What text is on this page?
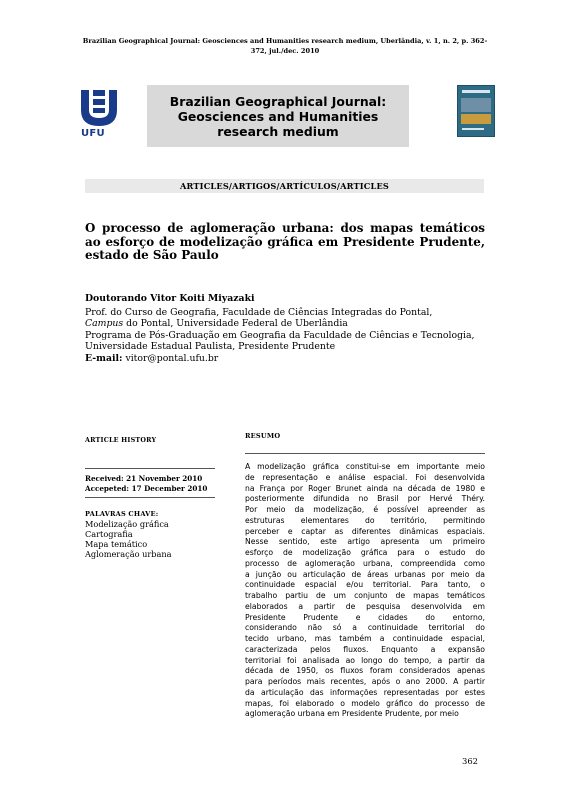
Brazilian Geographical Journal: Geosciences and Humanities research medium, Uberlândia, v. 1, n. 2, p. 362-372, jul./dec. 2010
UFU
Brazilian Geographical Journal: Geosciences and Humanities research medium
ARTICLES/ARTIGOS/ARTÍCULOS/ARTICLES
O processo de aglomeração urbana: dos mapas temáticos ao esforço de modelização gráfica em Presidente Prudente, estado de São Paulo
Doutorando Vitor Koiti Miyazaki
Prof. do Curso de Geografia, Faculdade de Ciências Integradas do Pontal,
Campus do Pontal, Universidade Federal de Uberlândia
Programa de Pós-Graduação em Geografia da Faculdade de Ciências e Tecnologia, Universidade Estadual Paulista, Presidente Prudente
E-mail: vitor@pontal.ufu.br
ARTICLE HISTORY
Received: 21 November 2010
Accepeted: 17 December 2010
PALAVRAS CHAVE:
Modelização gráfica
Cartografia
Mapa temático
Aglomeração urbana
RESUMO
A modelização gráfica constitui-se em importante meio
de representação e análise espacial. Foi desenvolvida
na França por Roger Brunet ainda na década de 1980 e
posteriormente difundida no Brasil por Hervé Théry.
Por meio da modelização, é possível apreender as
estruturas elementares do território, permitindo
perceber e captar as diferentes dinâmicas espaciais.
Nesse sentido, este artigo apresenta um primeiro
esforço de modelização gráfica para o estudo do
processo de aglomeração urbana, compreendida como
a junção ou articulação de áreas urbanas por meio da
continuidade espacial e/ou territorial. Para tanto, o
trabalho partiu de um conjunto de mapas temáticos
elaborados a partir de pesquisa desenvolvida em
Presidente Prudente e cidades do entorno,
considerando não só a continuidade territorial do
tecido urbano, mas também a continuidade espacial,
caracterizada pelos fluxos. Enquanto a expansão
territorial foi analisada ao longo do tempo, a partir da
década de 1950, os fluxos foram considerados apenas
para períodos mais recentes, após o ano 2000. A partir
da articulação das informações representadas por estes
mapas, foi elaborado o modelo gráfico do processo de
aglomeração urbana em Presidente Prudente, por meio
362
